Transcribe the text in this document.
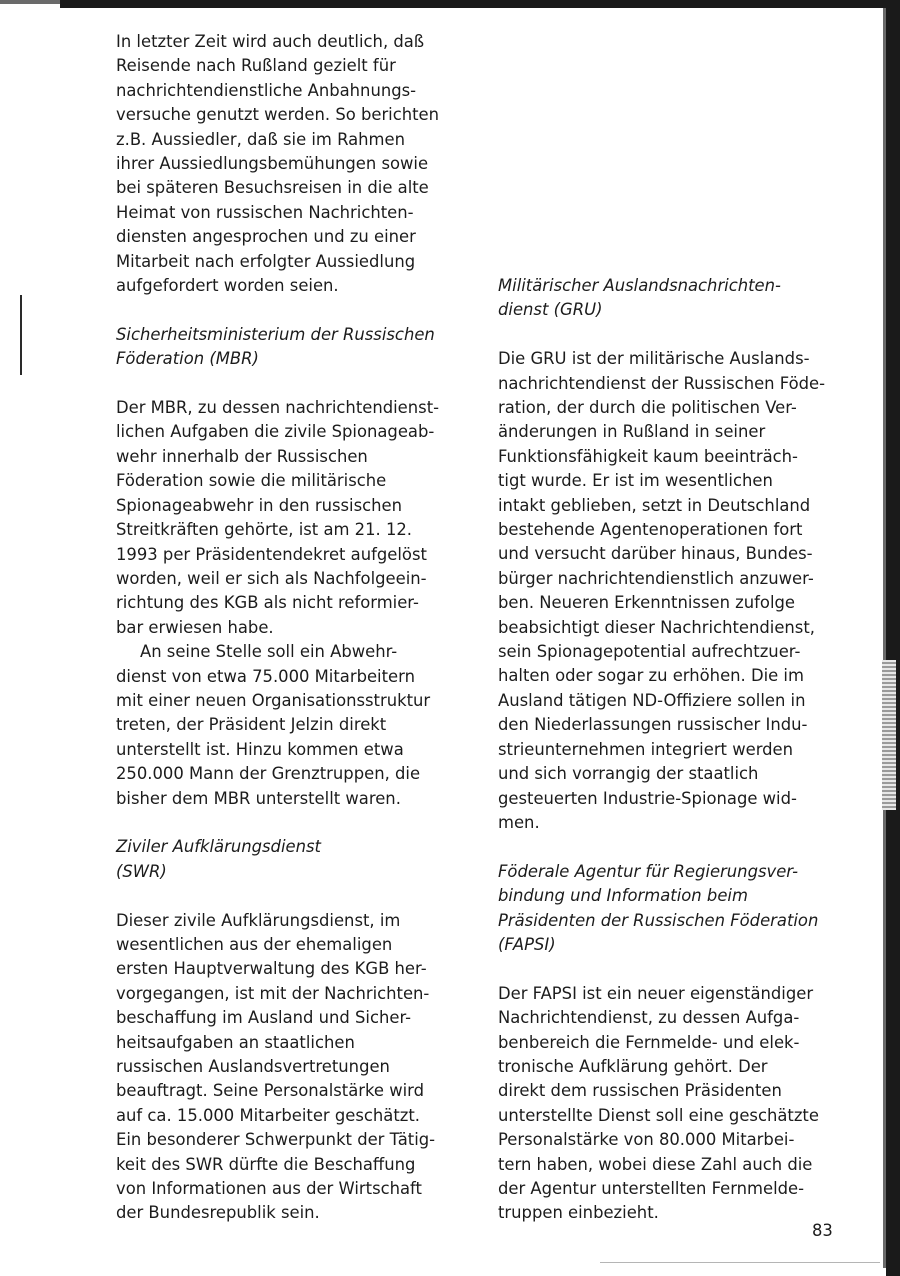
In letzter Zeit wird auch deutlich, daß
Reisende nach Rußland gezielt für
nachrichtendienstliche Anbahnungs-
versuche genutzt werden. So berichten
z.B. Aussiedler, daß sie im Rahmen
ihrer Aussiedlungsbemühungen sowie
bei späteren Besuchsreisen in die alte
Heimat von russischen Nachrichten-
diensten angesprochen und zu einer
Mitarbeit nach erfolgter Aussiedlung
aufgefordert worden seien.

Sicherheitsministerium der Russischen
Föderation (MBR)

Der MBR, zu dessen nachrichtendienst-
lichen Aufgaben die zivile Spionageab-
wehr innerhalb der Russischen
Föderation sowie die militärische
Spionageabwehr in den russischen
Streitkräften gehörte, ist am 21. 12.
1993 per Präsidentendekret aufgelöst
worden, weil er sich als Nachfolgeein-
richtung des KGB als nicht reformier-
bar erwiesen habe.

An seine Stelle soll ein Abwehr-
dienst von etwa 75.000 Mitarbeitern
mit einer neuen Organisationsstruktur
treten, der Präsident Jelzin direkt
unterstellt ist. Hinzu kommen etwa
250.000 Mann der Grenztruppen, die
bisher dem MBR unterstellt waren.

Ziviler Aufklärungsdienst
(SWR)

Dieser zivile Aufklärungsdienst, im
wesentlichen aus der ehemaligen
ersten Hauptverwaltung des KGB her-
vorgegangen, ist mit der Nachrichten-
beschaffung im Ausland und Sicher-
heitsaufgaben an staatlichen
russischen Auslandsvertretungen
beauftragt. Seine Personalstärke wird
auf ca. 15.000 Mitarbeiter geschätzt.
Ein besonderer Schwerpunkt der Tätig-
keit des SWR dürfte die Beschaffung
von Informationen aus der Wirtschaft
der Bundesrepublik sein.

Militärischer Auslandsnachrichten-
dienst (GRU)

Die GRU ist der militärische Auslands-
nachrichtendienst der Russischen Föde-
ration, der durch die politischen Ver-
änderungen in Rußland in seiner
Funktionsfähigkeit kaum beeinträch-
tigt wurde. Er ist im wesentlichen
intakt geblieben, setzt in Deutschland
bestehende Agentenoperationen fort
und versucht darüber hinaus, Bundes-
bürger nachrichtendienstlich anzuwer-
ben. Neueren Erkenntnissen zufolge
beabsichtigt dieser Nachrichtendienst,
sein Spionagepotential aufrechtzuer-
halten oder sogar zu erhöhen. Die im
Ausland tätigen ND-Offiziere sollen in
den Niederlassungen russischer Indu-
strieunternehmen integriert werden
und sich vorrangig der staatlich
gesteuerten Industrie-Spionage wid-
men.

Föderale Agentur für Regierungsver-
bindung und Information beim
Präsidenten der Russischen Föderation
(FAPSI)

Der FAPSI ist ein neuer eigenständiger
Nachrichtendienst, zu dessen Aufga-
benbereich die Fernmelde- und elek-
tronische Aufklärung gehört. Der
direkt dem russischen Präsidenten
unterstellte Dienst soll eine geschätzte
Personalstärke von 80.000 Mitarbei-
tern haben, wobei diese Zahl auch die
der Agentur unterstellten Fernmelde-
truppen einbezieht.

83
